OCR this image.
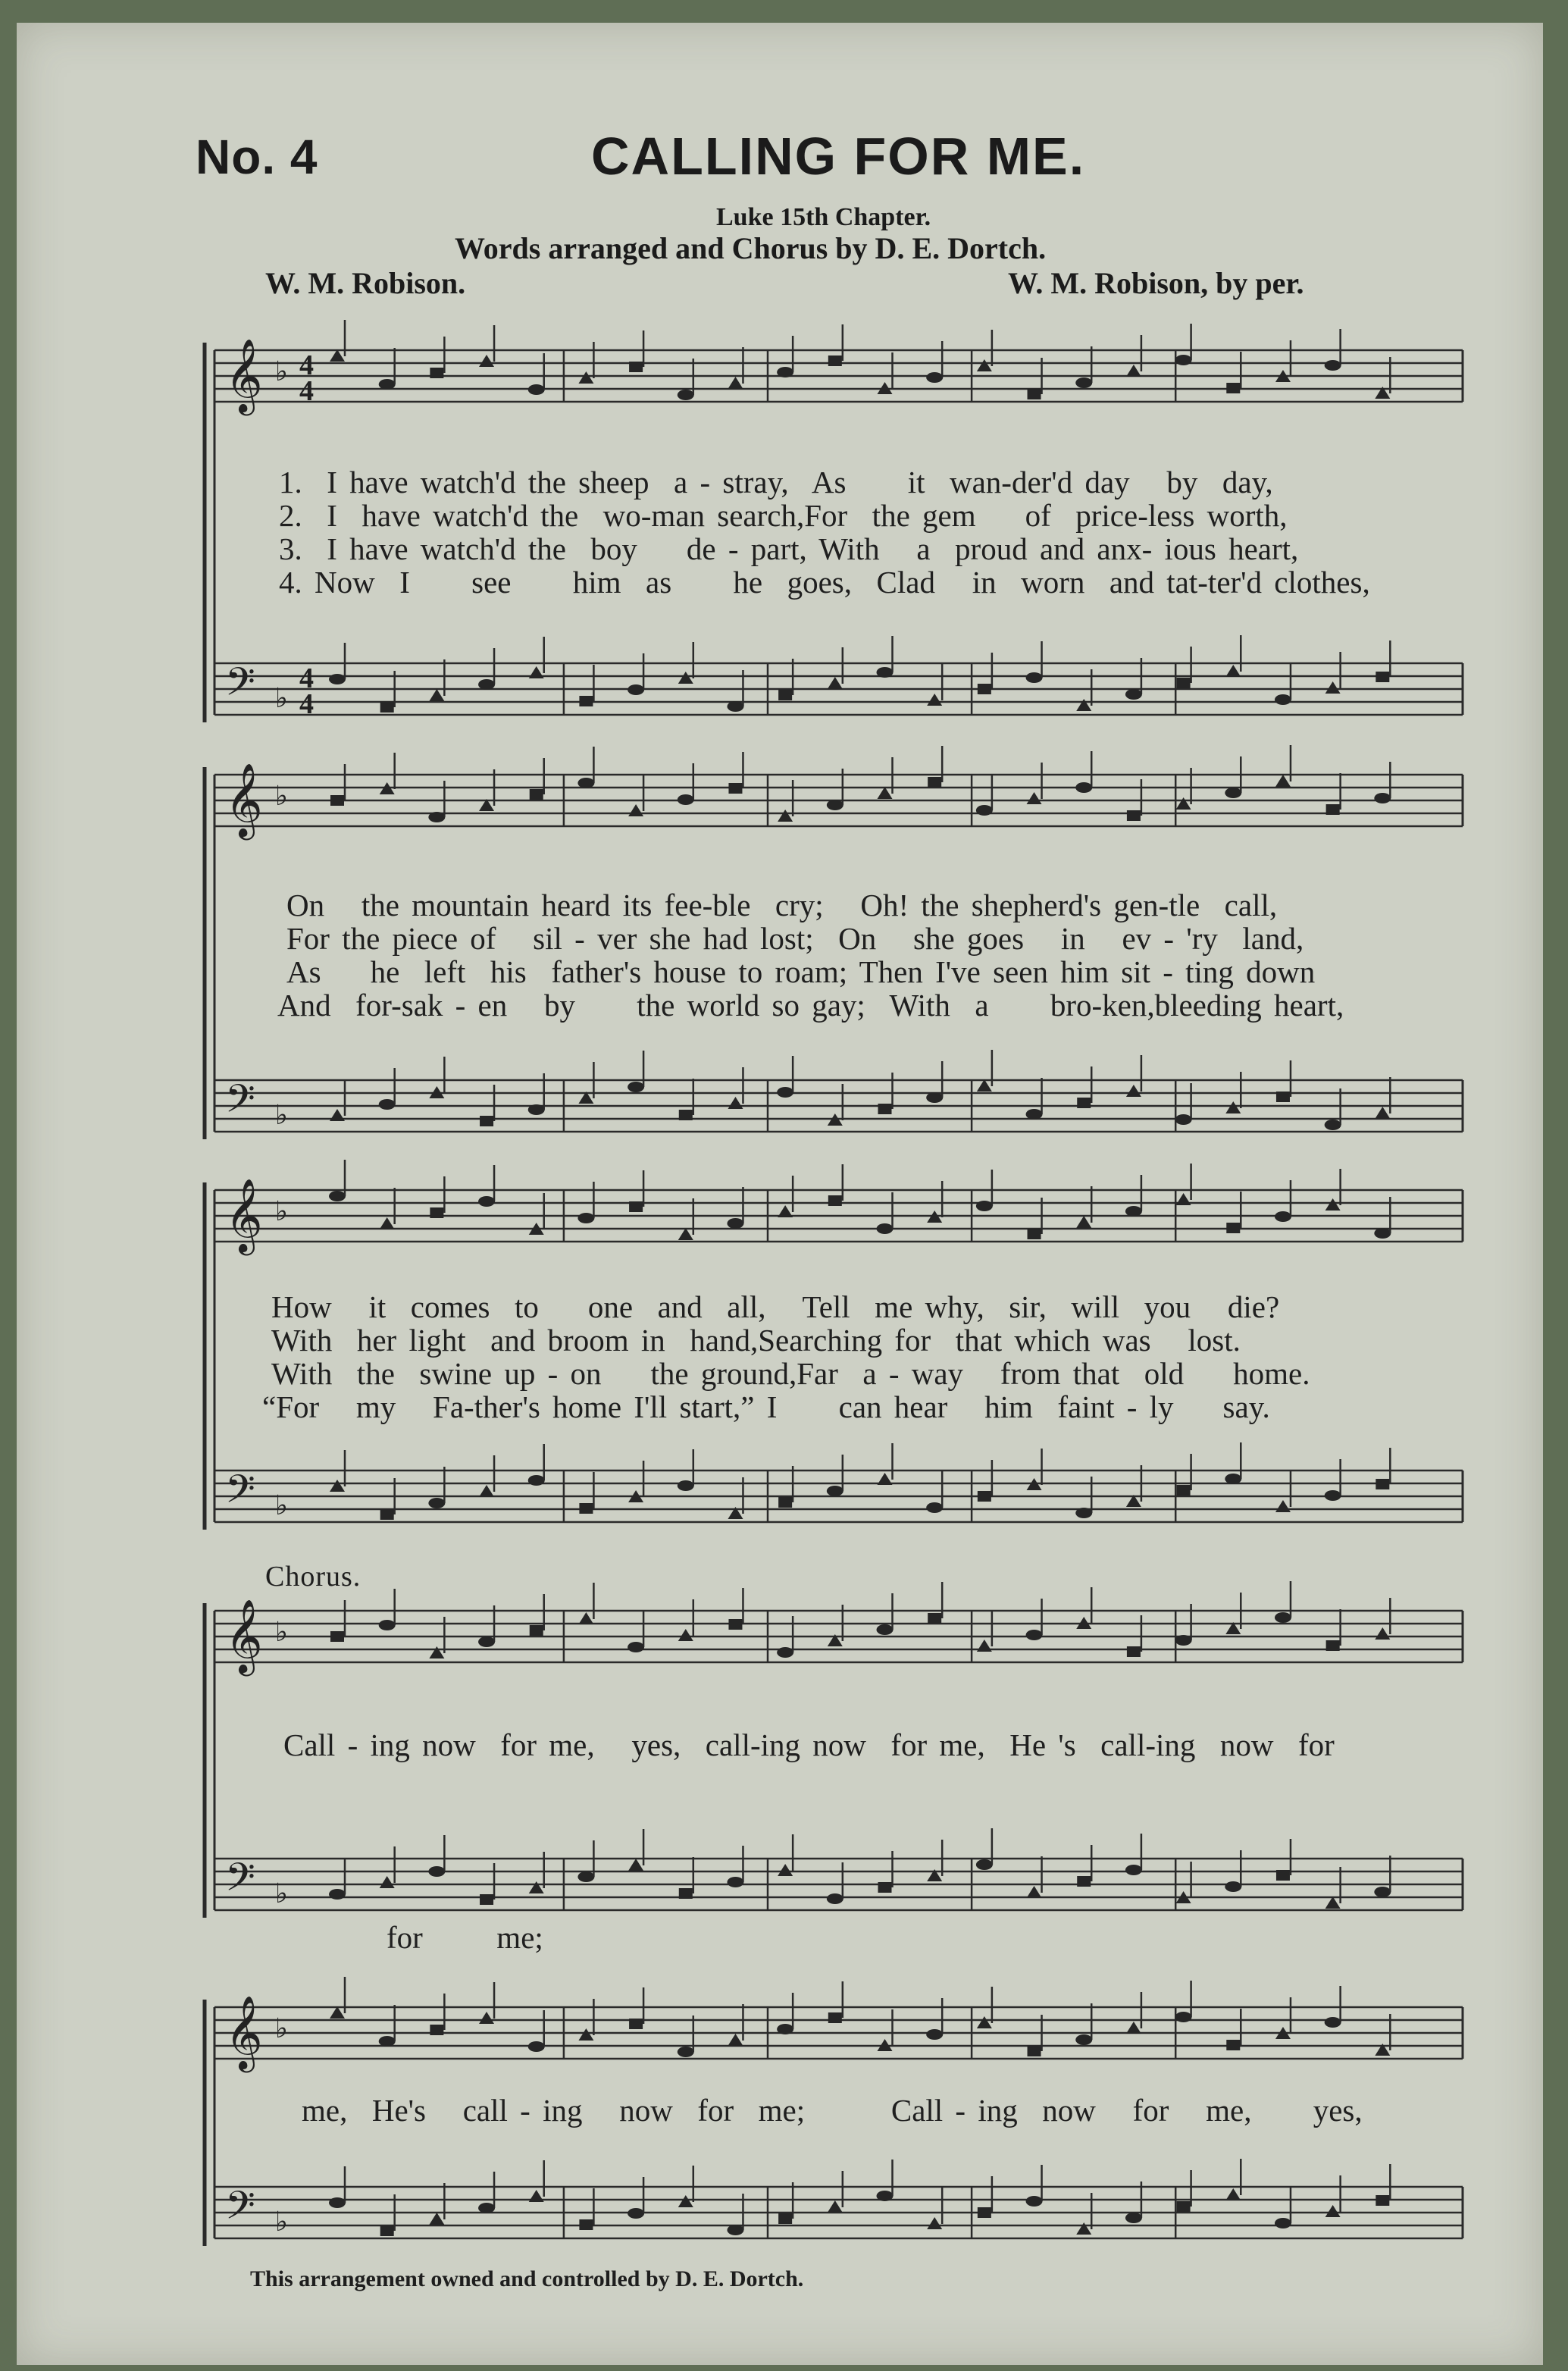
No. 4	CALLING FOR ME.
Luke 15th Chapter.
Words arranged and Chorus by D. E. Dortch.
W. M. Robison.	W. M. Robison, by per.
𝄞 ♭
𝄢 ♭
𝄞 ♭
𝄢 ♭
𝄞 ♭
𝄢 ♭
𝄞 ♭
𝄢 ♭
𝄞 ♭
𝄢 ♭
4
4
4
4
1.  I have watch'd the sheep  a - stray,  As     it  wan-der'd day   by  day,
2.  I  have watch'd the  wo-man search,For  the gem    of  price-less worth,
3.  I have watch'd the  boy    de - part, With   a  proud and anx- ious heart,
4. Now  I     see     him  as     he  goes,  Clad   in  worn  and tat-ter'd clothes,
On   the mountain heard its fee-ble  cry;   Oh! the shepherd's gen-tle  call,
For the piece of   sil - ver she had lost;  On   she goes   in   ev - 'ry  land,
As    he  left  his  father's house to roam; Then I've seen him sit - ting down
And  for-sak - en   by     the world so gay;  With  a     bro-ken,bleeding heart,
How   it  comes  to    one  and  all,   Tell  me why,  sir,  will  you   die?
With  her light  and broom in  hand,Searching for  that which was   lost.
With  the  swine up - on    the ground,Far  a - way   from that  old    home.
“For   my   Fa-ther's home I'll start,” I     can hear   him  faint - ly    say.
Chorus.
Call - ing now  for me,   yes,  call-ing now  for me,  He 's  call-ing  now  for
for      me;
me,  He's   call - ing   now  for  me;       Call - ing  now   for   me,     yes,
This arrangement owned and controlled by D. E. Dortch.
